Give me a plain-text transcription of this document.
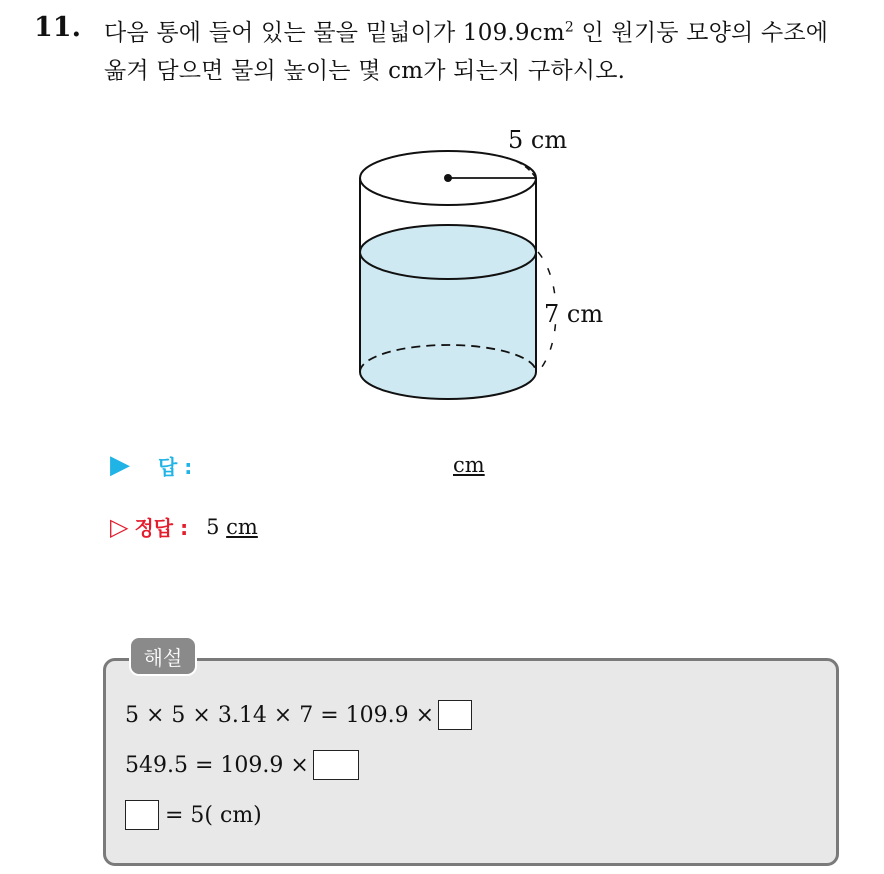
11. 다음 통에 들어 있는 물을 밑넓이가 $109.9cm^2$ 인 원기둥 모양의 수조에
옮겨 담으면 물의 높이는 몇 cm가 되는지 구하시오.
5 cm
7 cm
▶ 답 :	cm
▷ 정답 : 5 cm
해설
5 × 5 × 3.14 × 7 = 109.9 ×
549.5 = 109.9 ×
= 5( cm)
